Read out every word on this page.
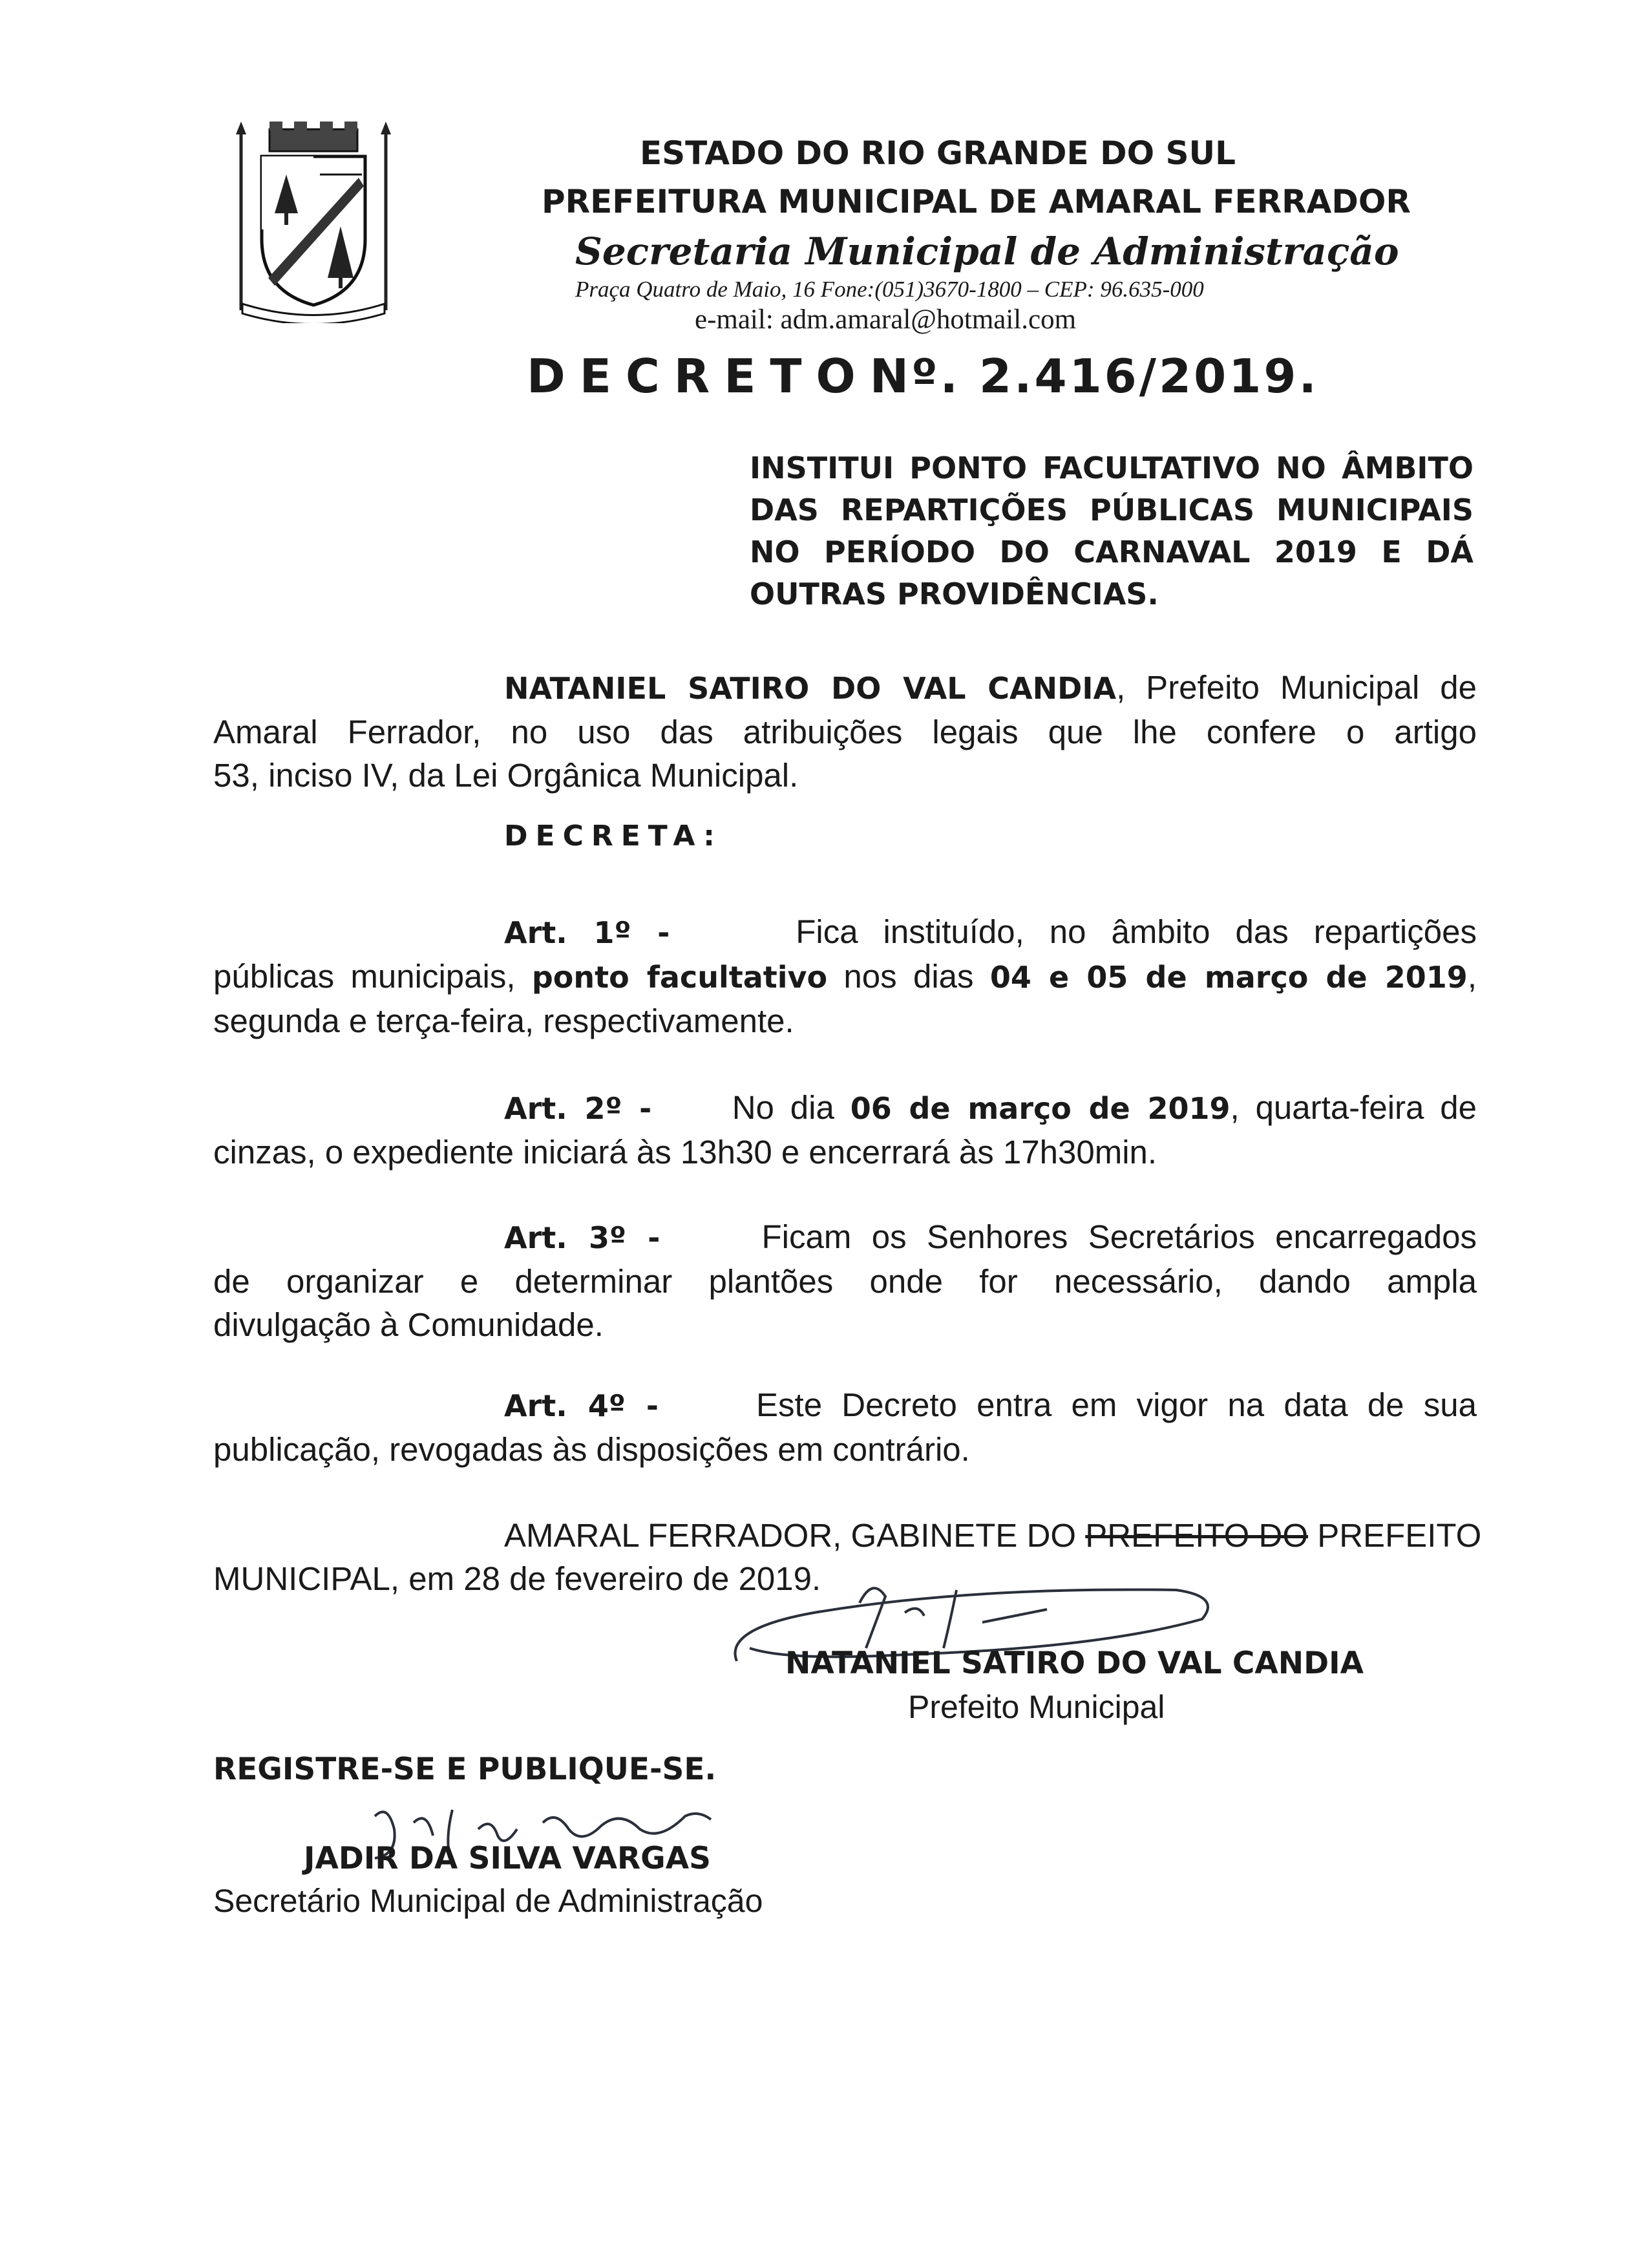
ESTADO DO RIO GRANDE DO SUL
PREFEITURA MUNICIPAL DE AMARAL FERRADOR
Secretaria Municipal de Administração
Praça Quatro de Maio, 16 Fone:(051)3670-1800 – CEP: 96.635-000
e-mail: adm.amaral@hotmail.com
DECRETONº. 2.416/2019.
INSTITUI PONTO FACULTATIVO NO ÂMBITO
DAS REPARTIÇÕES PÚBLICAS MUNICIPAIS
NO PERÍODO DO CARNAVAL 2019 E DÁ
OUTRAS PROVIDÊNCIAS.
NATANIEL SATIRO DO VAL CANDIA, Prefeito Municipal de
Amaral Ferrador, no uso das atribuições legais que lhe confere o artigo
53, inciso IV, da Lei Orgânica Municipal.
DECRETA:
Art. 1º -	Fica instituído, no âmbito das repartições
públicas municipais, ponto facultativo nos dias 04 e 05 de março de 2019,
segunda e terça-feira, respectivamente.
Art. 2º - No dia 06 de março de 2019, quarta-feira de
cinzas, o expediente iniciará às 13h30 e encerrará às 17h30min.
Art. 3º -	Ficam os Senhores Secretários encarregados
de organizar e determinar plantões onde for necessário, dando ampla
divulgação à Comunidade.
Art. 4º -	Este Decreto entra em vigor na data de sua
publicação, revogadas às disposições em contrário.
AMARAL FERRADOR, GABINETE DO PREFEITO DO PREFEITO
MUNICIPAL, em 28 de fevereiro de 2019.
NATANIEL SATIRO DO VAL CANDIA
Prefeito Municipal
REGISTRE-SE E PUBLIQUE-SE.
JADIR DA SILVA VARGAS
Secretário Municipal de Administração
